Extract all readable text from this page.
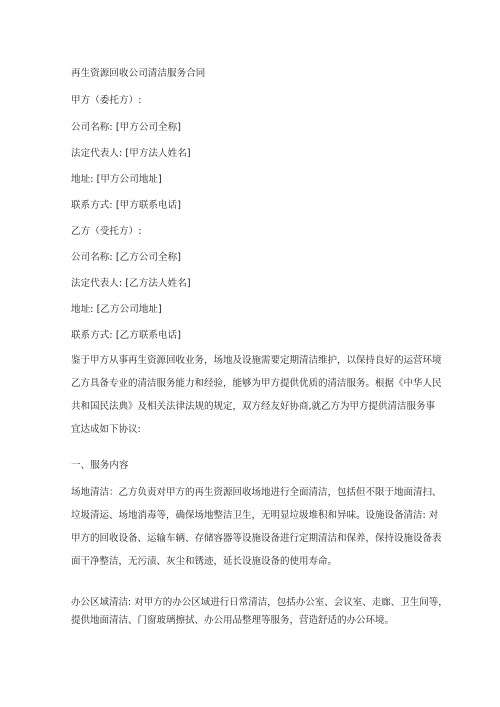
再生资源回收公司清洁服务合同
甲方（委托方）:
公司名称: [甲方公司全称]
法定代表人: [甲方法人姓名]
地址: [甲方公司地址]
联系方式: [甲方联系电话]
乙方（受托方）:
公司名称: [乙方公司全称]
法定代表人: [乙方法人姓名]
地址: [乙方公司地址]
联系方式: [乙方联系电话]
鉴于甲方从事再生资源回收业务，场地及设施需要定期清洁维护，以保持良好的运营环境
乙方具备专业的清洁服务能力和经验，能够为甲方提供优质的清洁服务。根据《中华人民
共和国民法典》及相关法律法规的规定，双方经友好协商,就乙方为甲方提供清洁服务事
宜达成如下协议:
一、服务内容
场地清洁：乙方负责对甲方的再生资源回收场地进行全面清洁，包括但不限于地面清扫、
垃圾清运、场地消毒等，确保场地整洁卫生，无明显垃圾堆积和异味。设施设备清洁: 对
甲方的回收设备、运输车辆、存储容器等设施设备进行定期清洁和保养，保持设施设备表
面干净整洁，无污渍、灰尘和锈迹，延长设施设备的使用寿命。
办公区域清洁: 对甲方的办公区域进行日常清洁，包括办公室、会议室、走廊、卫生间等，
提供地面清洁、门窗玻璃擦拭、办公用品整理等服务，营造舒适的办公环境。
